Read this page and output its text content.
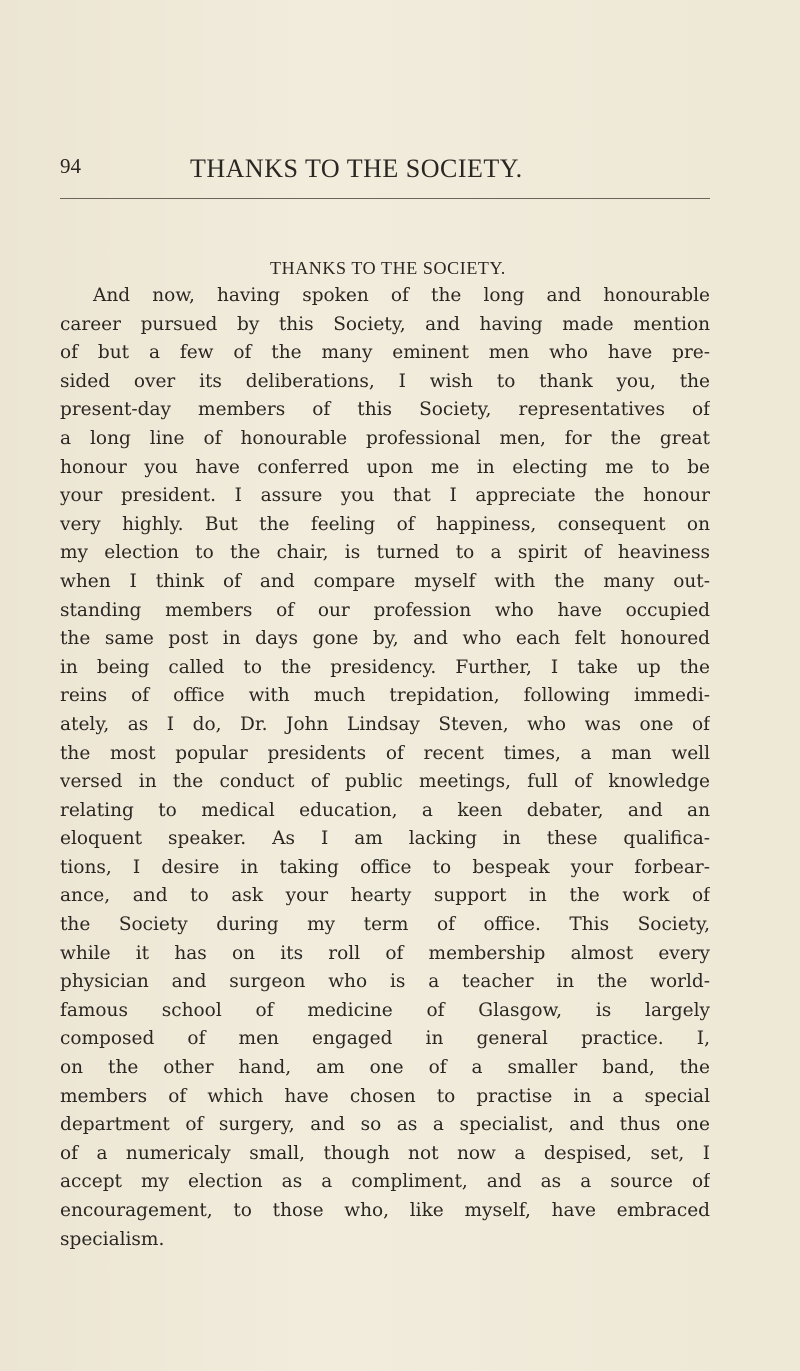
94	THANKS TO THE SOCIETY.
THANKS TO THE SOCIETY.
And now, having spoken of the long and honourable
career pursued by this Society, and having made mention
of but a few of the many eminent men who have pre-
sided over its deliberations, I wish to thank you, the
present-day members of this Society, representatives of
a long line of honourable professional men, for the great
honour you have conferred upon me in electing me to be
your president. I assure you that I appreciate the honour
very highly. But the feeling of happiness, consequent on
my election to the chair, is turned to a spirit of heaviness
when I think of and compare myself with the many out-
standing members of our profession who have occupied
the same post in days gone by, and who each felt honoured
in being called to the presidency. Further, I take up the
reins of office with much trepidation, following immedi-
ately, as I do, Dr. John Lindsay Steven, who was one of
the most popular presidents of recent times, a man well
versed in the conduct of public meetings, full of knowledge
relating to medical education, a keen debater, and an
eloquent speaker. As I am lacking in these qualifica-
tions, I desire in taking office to bespeak your forbear-
ance, and to ask your hearty support in the work of
the Society during my term of office. This Society,
while it has on its roll of membership almost every
physician and surgeon who is a teacher in the world-
famous school of medicine of Glasgow, is largely
composed of men engaged in general practice. I,
on the other hand, am one of a smaller band, the
members of which have chosen to practise in a special
department of surgery, and so as a specialist, and thus one
of a numericaly small, though not now a despised, set, I
accept my election as a compliment, and as a source of
encouragement, to those who, like myself, have embraced
specialism.
